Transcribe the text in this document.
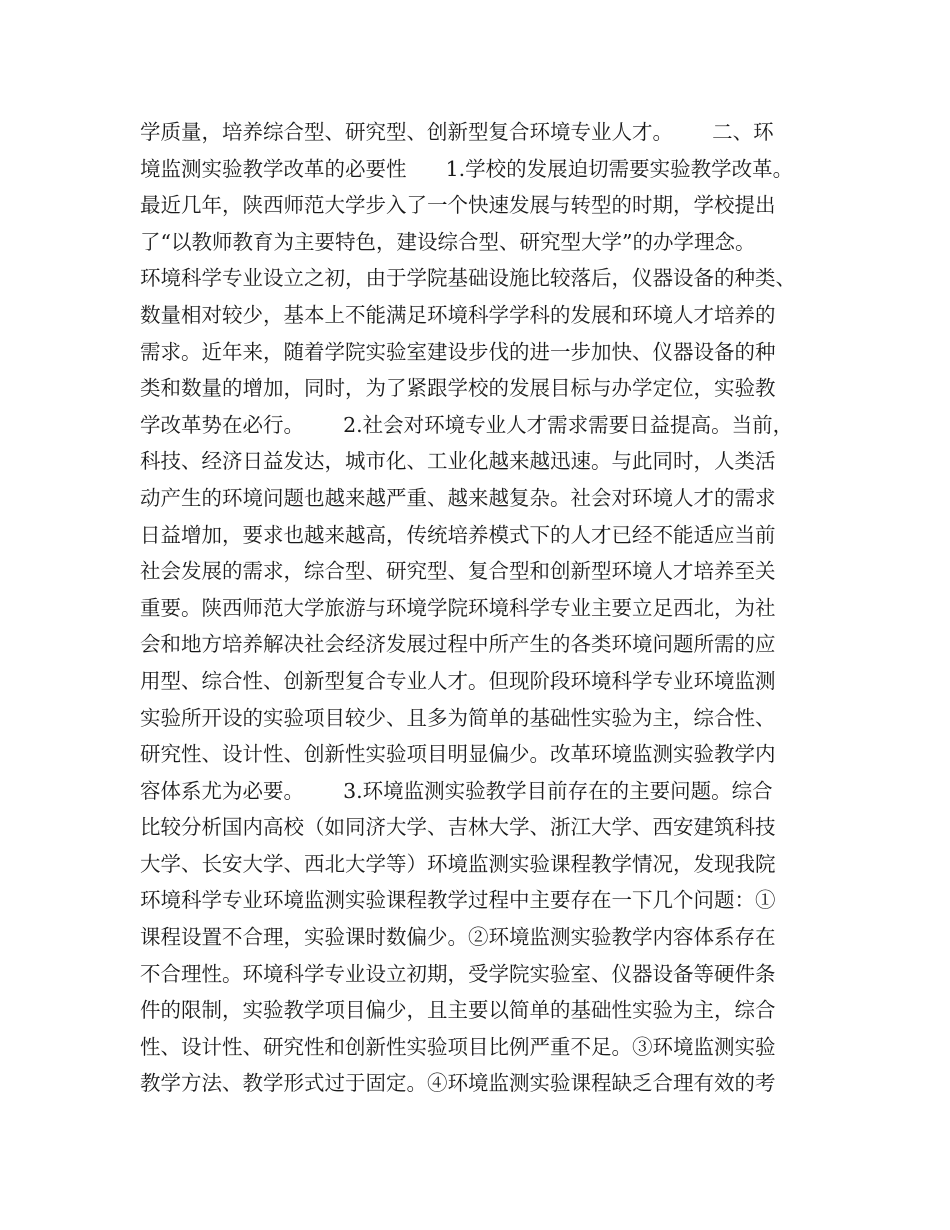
学质量，培养综合型、研究型、创新型复合环境专业人才。      二、环
境监测实验教学改革的必要性      1.学校的发展迫切需要实验教学改革。
最近几年，陕西师范大学步入了一个快速发展与转型的时期，学校提出
了“以教师教育为主要特色，建设综合型、研究型大学”的办学理念。
环境科学专业设立之初，由于学院基础设施比较落后，仪器设备的种类、
数量相对较少，基本上不能满足环境科学学科的发展和环境人才培养的
需求。近年来，随着学院实验室建设步伐的进一步加快、仪器设备的种
类和数量的增加，同时，为了紧跟学校的发展目标与办学定位，实验教
学改革势在必行。      2.社会对环境专业人才需求需要日益提高。当前，
科技、经济日益发达，城市化、工业化越来越迅速。与此同时，人类活
动产生的环境问题也越来越严重、越来越复杂。社会对环境人才的需求
日益增加，要求也越来越高，传统培养模式下的人才已经不能适应当前
社会发展的需求，综合型、研究型、复合型和创新型环境人才培养至关
重要。陕西师范大学旅游与环境学院环境科学专业主要立足西北，为社
会和地方培养解决社会经济发展过程中所产生的各类环境问题所需的应
用型、综合性、创新型复合专业人才。但现阶段环境科学专业环境监测
实验所开设的实验项目较少、且多为简单的基础性实验为主，综合性、
研究性、设计性、创新性实验项目明显偏少。改革环境监测实验教学内
容体系尤为必要。      3.环境监测实验教学目前存在的主要问题。综合
比较分析国内高校（如同济大学、吉林大学、浙江大学、西安建筑科技
大学、长安大学、西北大学等）环境监测实验课程教学情况，发现我院
环境科学专业环境监测实验课程教学过程中主要存在一下几个问题：①
课程设置不合理，实验课时数偏少。②环境监测实验教学内容体系存在
不合理性。环境科学专业设立初期，受学院实验室、仪器设备等硬件条
件的限制，实验教学项目偏少，且主要以简单的基础性实验为主，综合
性、设计性、研究性和创新性实验项目比例严重不足。③环境监测实验
教学方法、教学形式过于固定。④环境监测实验课程缺乏合理有效的考
